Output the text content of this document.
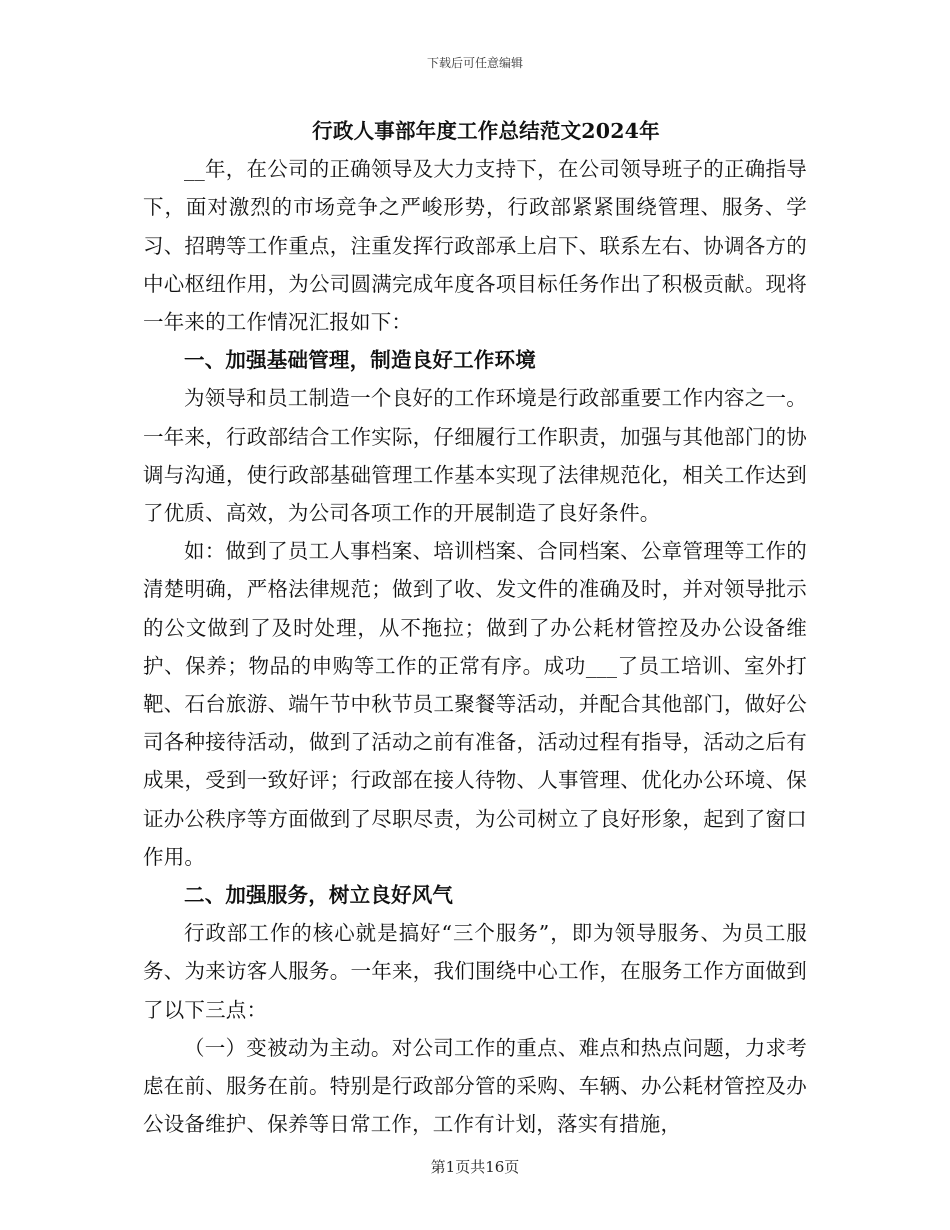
下载后可任意编辑
行政人事部年度工作总结范文2024年

__年，在公司的正确领导及大力支持下，在公司领导班子的正确指导下，面对激烈的市场竞争之严峻形势，行政部紧紧围绕管理、服务、学习、招聘等工作重点，注重发挥行政部承上启下、联系左右、协调各方的中心枢纽作用，为公司圆满完成年度各项目标任务作出了积极贡献。现将一年来的工作情况汇报如下：

一、加强基础管理，制造良好工作环境

为领导和员工制造一个良好的工作环境是行政部重要工作内容之一。一年来，行政部结合工作实际，仔细履行工作职责，加强与其他部门的协调与沟通，使行政部基础管理工作基本实现了法律规范化，相关工作达到了优质、高效，为公司各项工作的开展制造了良好条件。

如：做到了员工人事档案、培训档案、合同档案、公章管理等工作的清楚明确，严格法律规范；做到了收、发文件的准确及时，并对领导批示的公文做到了及时处理，从不拖拉；做到了办公耗材管控及办公设备维护、保养；物品的申购等工作的正常有序。成功___了员工培训、室外打靶、石台旅游、端午节中秋节员工聚餐等活动，并配合其他部门，做好公司各种接待活动，做到了活动之前有准备，活动过程有指导，活动之后有成果，受到一致好评；行政部在接人待物、人事管理、优化办公环境、保证办公秩序等方面做到了尽职尽责，为公司树立了良好形象，起到了窗口作用。

二、加强服务，树立良好风气

行政部工作的核心就是搞好“三个服务”，即为领导服务、为员工服务、为来访客人服务。一年来，我们围绕中心工作，在服务工作方面做到了以下三点：

（一）变被动为主动。对公司工作的重点、难点和热点问题，力求考虑在前、服务在前。特别是行政部分管的采购、车辆、办公耗材管控及办公设备维护、保养等日常工作，工作有计划，落实有措施，

第1页共16页
